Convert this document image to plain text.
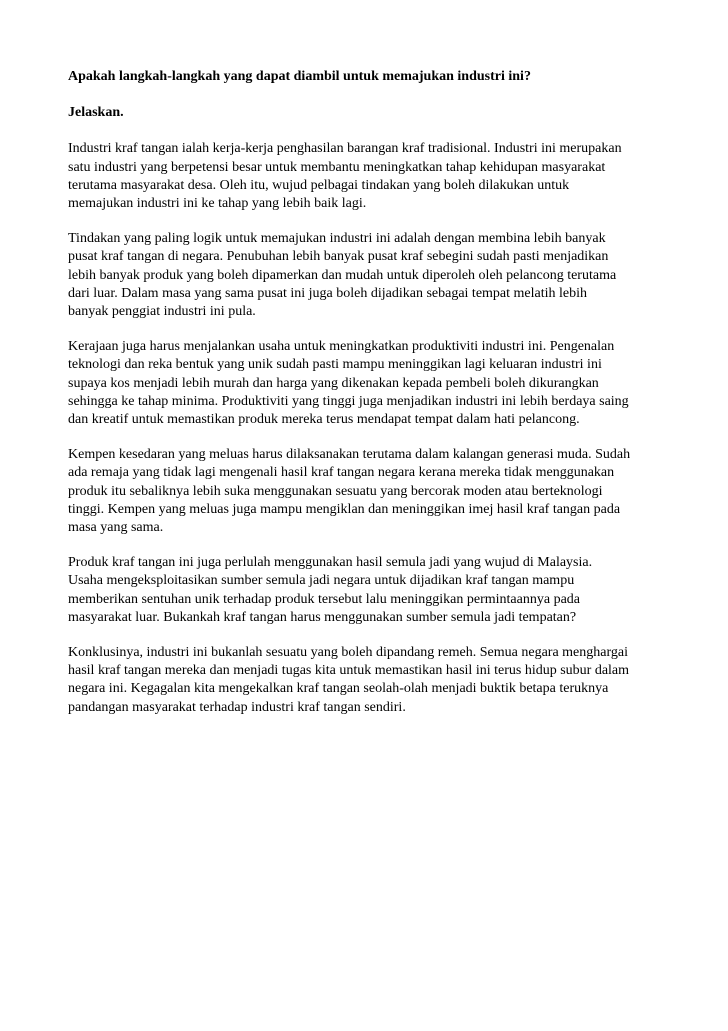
Apakah langkah-langkah yang dapat diambil untuk memajukan industri ini?
Jelaskan.
Industri kraf tangan ialah kerja-kerja penghasilan barangan kraf tradisional. Industri ini merupakan
satu industri yang berpetensi besar untuk membantu meningkatkan tahap kehidupan masyarakat
terutama masyarakat desa. Oleh itu, wujud pelbagai tindakan yang boleh dilakukan untuk
memajukan industri ini ke tahap yang lebih baik lagi.
Tindakan yang paling logik untuk memajukan industri ini adalah dengan membina lebih banyak
pusat kraf tangan di negara. Penubuhan lebih banyak pusat kraf sebegini sudah pasti menjadikan
lebih banyak produk yang boleh dipamerkan dan mudah untuk diperoleh oleh pelancong terutama
dari luar. Dalam masa yang sama pusat ini juga boleh dijadikan sebagai tempat melatih lebih
banyak penggiat industri ini pula.
Kerajaan juga harus menjalankan usaha untuk meningkatkan produktiviti industri ini. Pengenalan
teknologi dan reka bentuk yang unik sudah pasti mampu meninggikan lagi keluaran industri ini
supaya kos menjadi lebih murah dan harga yang dikenakan kepada pembeli boleh dikurangkan
sehingga ke tahap minima. Produktiviti yang tinggi juga menjadikan industri ini lebih berdaya saing
dan kreatif untuk memastikan produk mereka terus mendapat tempat dalam hati pelancong.
Kempen kesedaran yang meluas harus dilaksanakan terutama dalam kalangan generasi muda. Sudah
ada remaja yang tidak lagi mengenali hasil kraf tangan negara kerana mereka tidak menggunakan
produk itu sebaliknya lebih suka menggunakan sesuatu yang bercorak moden atau berteknologi
tinggi. Kempen yang meluas juga mampu mengiklan dan meninggikan imej hasil kraf tangan pada
masa yang sama.
Produk kraf tangan ini juga perlulah menggunakan hasil semula jadi yang wujud di Malaysia.
Usaha mengeksploitasikan sumber semula jadi negara untuk dijadikan kraf tangan mampu
memberikan sentuhan unik terhadap produk tersebut lalu meninggikan permintaannya pada
masyarakat luar. Bukankah kraf tangan harus menggunakan sumber semula jadi tempatan?
Konklusinya, industri ini bukanlah sesuatu yang boleh dipandang remeh. Semua negara menghargai
hasil kraf tangan mereka dan menjadi tugas kita untuk memastikan hasil ini terus hidup subur dalam
negara ini. Kegagalan kita mengekalkan kraf tangan seolah-olah menjadi buktik betapa teruknya
pandangan masyarakat terhadap industri kraf tangan sendiri.
